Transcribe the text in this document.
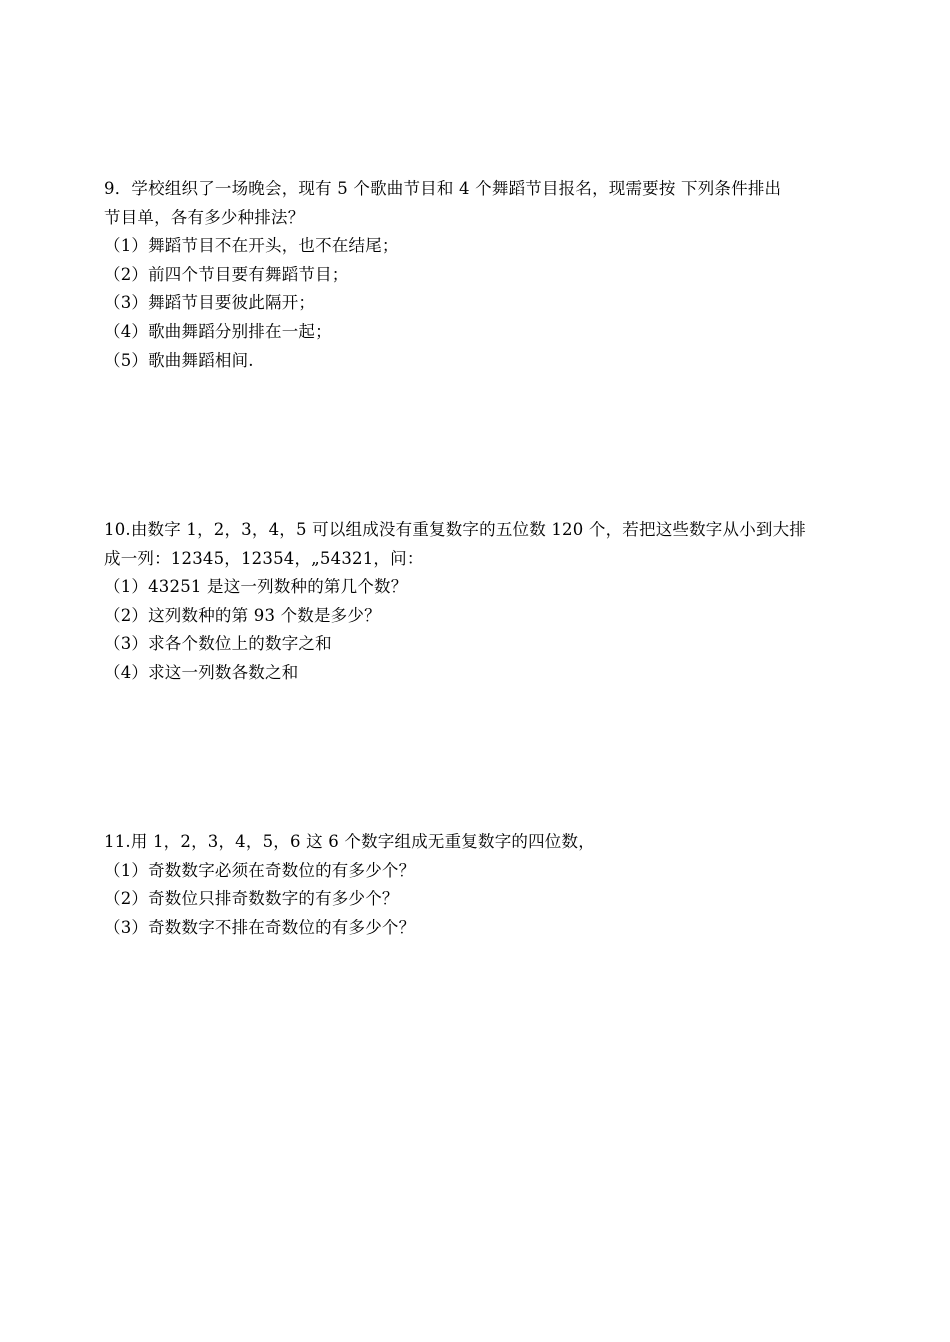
9．学校组织了一场晚会，现有 5 个歌曲节目和 4 个舞蹈节目报名，现需要按 下列条件排出
节目单，各有多少种排法？
（1）舞蹈节目不在开头，也不在结尾；
（2）前四个节目要有舞蹈节目；
（3）舞蹈节目要彼此隔开；
（4）歌曲舞蹈分别排在一起；
（5）歌曲舞蹈相间.
10.由数字 1，2，3，4，5 可以组成没有重复数字的五位数 120 个，若把这些数字从小到大排
成一列：12345，12354，„54321，问：
（1）43251 是这一列数种的第几个数？
（2）这列数种的第 93 个数是多少？
（3）求各个数位上的数字之和
（4）求这一列数各数之和
11.用 1，2，3，4，5，6 这 6 个数字组成无重复数字的四位数，
（1）奇数数字必须在奇数位的有多少个？
（2）奇数位只排奇数数字的有多少个？
（3）奇数数字不排在奇数位的有多少个？
